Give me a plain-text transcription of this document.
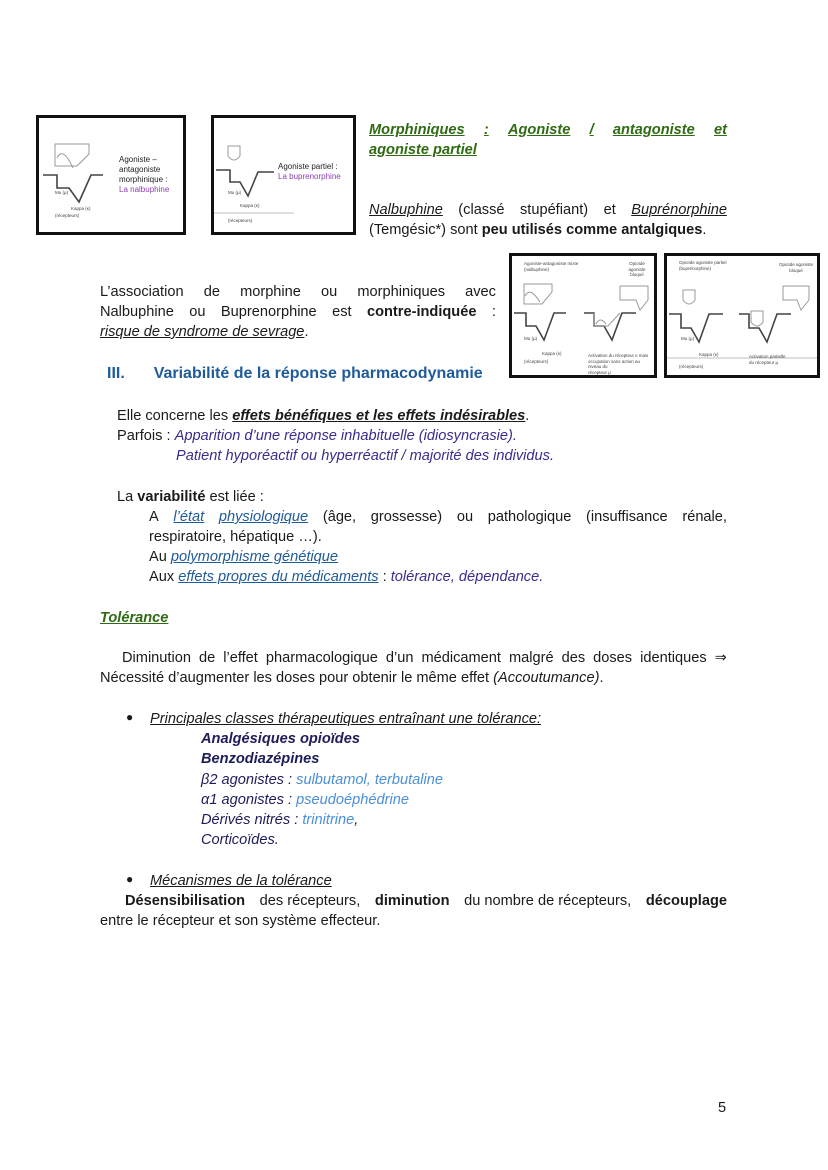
Mu (µ)
Kappa (κ)
(récepteurs)
Agoniste –
antagoniste
morphinique :
La nalbuphine	Mu (µ)
Kappa (κ)
(récepteurs)
Agoniste partiel :
La buprenorphine
Morphiniques : Agoniste / antagoniste et
agoniste partiel
Nalbuphine (classé stupéfiant) et Buprénorphine
(Temgésic*) sont peu utilisés comme antalgiques.
Agoniste-antagoniste mixte
(nalbuphine)
Opioïde agoniste
bloqué
Mu (µ)
Kappa (κ)
(récepteurs)
Activation du récepteur κ mais
occupation sans action au niveau du
récepteur µ
Opioïde agoniste partiel
(buprénorphine)
Opioïde agoniste
bloqué
Mu (µ)
Kappa (κ)
(récepteurs)
Activation partielle
du récepteur µ
L’association de morphine ou morphiniques avec
Nalbuphine ou Buprenorphine est contre-indiquée :
risque de syndrome de sevrage.
III. Variabilité de la réponse pharmacodynamie
Elle concerne les effets bénéfiques et les effets indésirables.
Parfois : Apparition d’une réponse inhabituelle (idiosyncrasie).
Patient hyporéactif ou hyperréactif / majorité des individus.
La variabilité est liée :
A l’état physiologique (âge, grossesse) ou pathologique (insuffisance rénale,
respiratoire, hépatique …).
Au polymorphisme génétique
Aux effets propres du médicaments : tolérance, dépendance.
Tolérance
Diminution de l’effet pharmacologique d’un médicament malgré des doses identiques ⇒
Nécessité d’augmenter les doses pour obtenir le même effet (Accoutumance).
● Principales classes thérapeutiques entraînant une tolérance:
Analgésiques opioïdes
Benzodiazépines
β2 agonistes : sulbutamol, terbutaline
α1 agonistes : pseudoéphédrine
Dérivés nitrés : trinitrine,
Corticoïdes.
● Mécanismes de la tolérance
Désensibilisation des récepteurs, diminution du nombre de récepteurs, découplage
entre le récepteur et son système effecteur.
5
